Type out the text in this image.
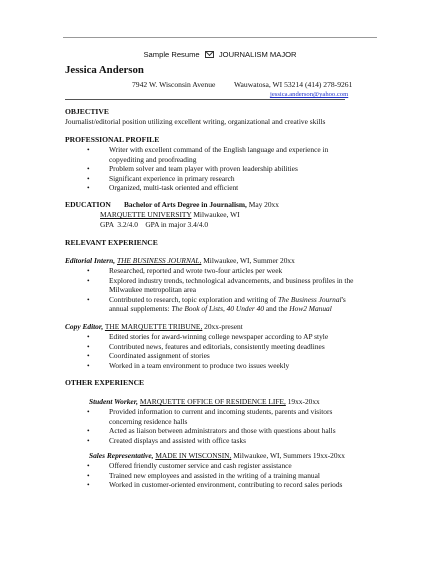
Sample Resume	JOURNALISM MAJOR
Jessica Anderson
7942 W. Wisconsin Avenue Wauwatosa, WI 53214 (414) 278-9261
jessica.anderson@yahoo.com
OBJECTIVE
Journalist/editorial position utilizing excellent writing, organizational and creative skills
PROFESSIONAL PROFILE
• Writer with excellent command of the English language and experience in
copyediting and proofreading
• Problem solver and team player with proven leadership abilities
• Significant experience in primary research
• Organized, multi-task oriented and efficient
EDUCATION Bachelor of Arts Degree in Journalism, May 20xx
MARQUETTE UNIVERSITY Milwaukee, WI
GPA  3.2/4.0    GPA in major 3.4/4.0
RELEVANT EXPERIENCE
Editorial Intern, THE BUSINESS JOURNAL, Milwaukee, WI, Summer 20xx
• Researched, reported and wrote two-four articles per week
• Explored industry trends, technological advancements, and business profiles in the
Milwaukee metropolitan area
• Contributed to research, topic exploration and writing of The Business Journal's
annual supplements: The Book of Lists, 40 Under 40 and the How2 Manual
Copy Editor, THE MARQUETTE TRIBUNE, 20xx-present
• Edited stories for award-winning college newspaper according to AP style
• Contributed news, features and editorials, consistently meeting deadlines
• Coordinated assignment of stories
• Worked in a team environment to produce two issues weekly
OTHER EXPERIENCE
Student Worker, MARQUETTE OFFICE OF RESIDENCE LIFE, 19xx-20xx
• Provided information to current and incoming students, parents and visitors
concerning residence halls
• Acted as liaison between administrators and those with questions about halls
• Created displays and assisted with office tasks
Sales Representative, MADE IN WISCONSIN, Milwaukee, WI, Summers 19xx-20xx
• Offered friendly customer service and cash register assistance
• Trained new employees and assisted in the writing of a training manual
• Worked in customer-oriented environment, contributing to record sales periods
